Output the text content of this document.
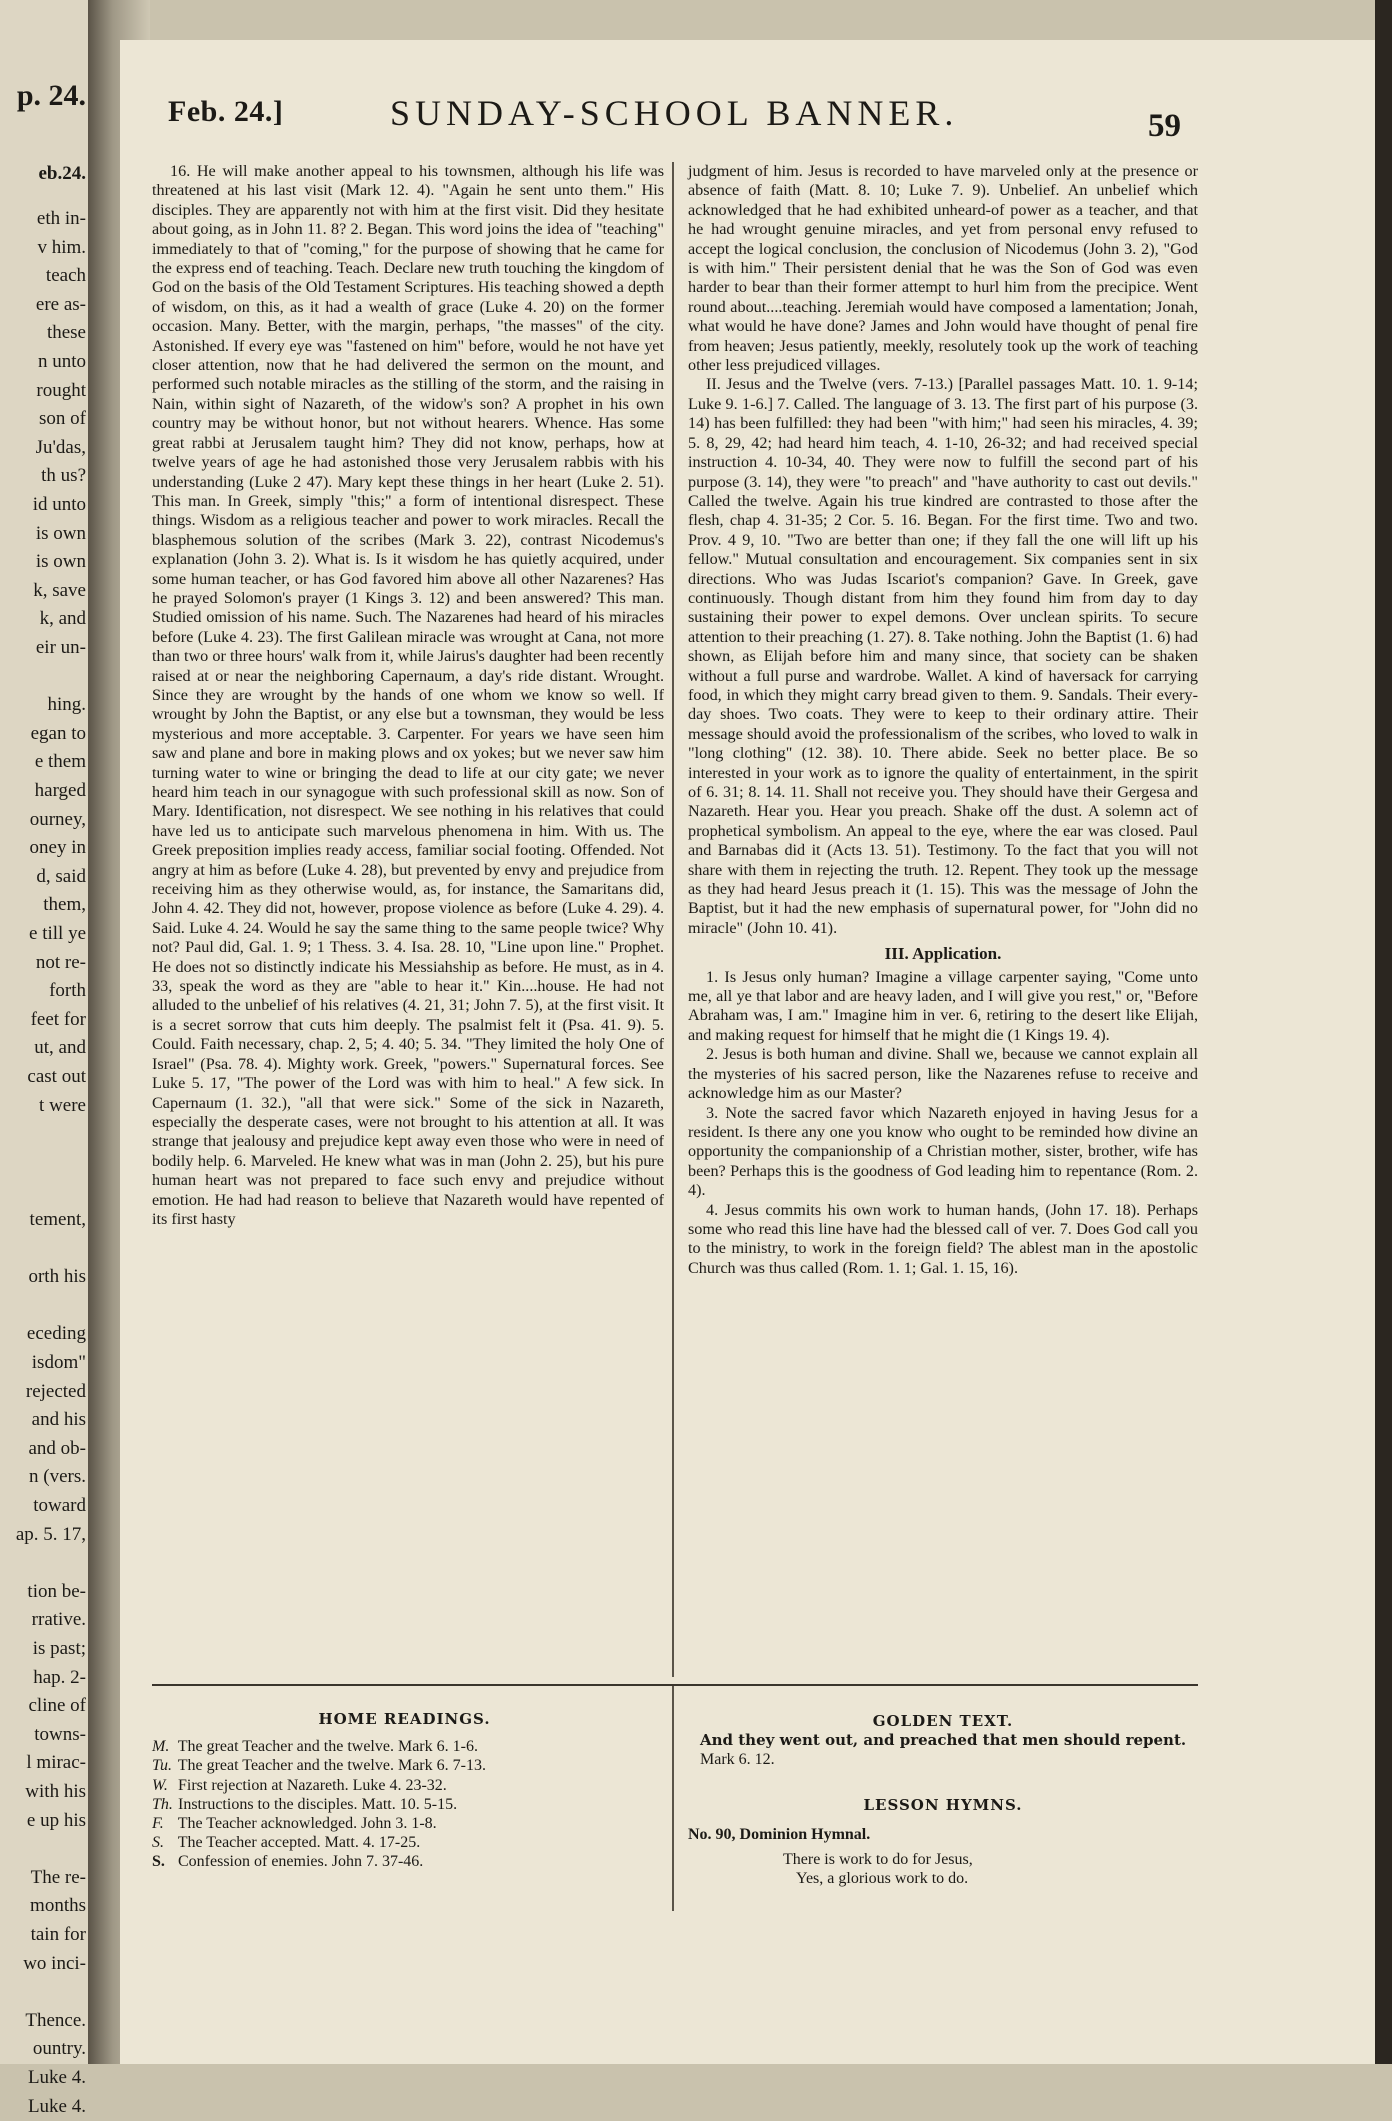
p. 24.
eb.24.
eth in-
v him.
teach
ere as-
these
n unto
rought
son of
Ju'das,
th us?
id unto
is own
is own
k, save
k, and
eir un-
hing.
egan to
e them
harged
ourney,
oney in
d, said
them,
e till ye
not re-
forth
feet for
ut, and
cast out
t were
tement,
orth his
eceding
isdom"
rejected
and his
and ob-
n (vers.
toward
ap. 5. 17,
tion be-
rrative.
is past;
hap. 2-
cline of
towns-
l mirac-
with his
e up his
The re-
months
tain for
wo inci-
Thence.
ountry.
Luke 4.
Luke 4.
Feb. 24.]	SUNDAY-SCHOOL BANNER.	59

16. He will make another appeal to his townsmen, although his life was threatened at his last visit (Mark 12. 4). "Again he sent unto them." His disciples. They are apparently not with him at the first visit. Did they hesitate about going, as in John 11. 8? 2. Began. This word joins the idea of "teaching" immediately to that of "coming," for the purpose of showing that he came for the express end of teaching. Teach. Declare new truth touching the kingdom of God on the basis of the Old Testament Scriptures. His teaching showed a depth of wisdom, on this, as it had a wealth of grace (Luke 4. 20) on the former occasion. Many. Better, with the margin, perhaps, "the masses" of the city. Astonished. If every eye was "fastened on him" before, would he not have yet closer attention, now that he had delivered the sermon on the mount, and performed such notable miracles as the stilling of the storm, and the raising in Nain, within sight of Nazareth, of the widow's son? A prophet in his own country may be without honor, but not without hearers. Whence. Has some great rabbi at Jerusalem taught him? They did not know, perhaps, how at twelve years of age he had astonished those very Jerusalem rabbis with his understanding (Luke 2 47). Mary kept these things in her heart (Luke 2. 51). This man. In Greek, simply "this;" a form of intentional disrespect. These things. Wisdom as a religious teacher and power to work miracles. Recall the blasphemous solution of the scribes (Mark 3. 22), contrast Nicodemus's explanation (John 3. 2). What is. Is it wisdom he has quietly acquired, under some human teacher, or has God favored him above all other Nazarenes? Has he prayed Solomon's prayer (1 Kings 3. 12) and been answered? This man. Studied omission of his name. Such. The Nazarenes had heard of his miracles before (Luke 4. 23). The first Galilean miracle was wrought at Cana, not more than two or three hours' walk from it, while Jairus's daughter had been recently raised at or near the neighboring Capernaum, a day's ride distant. Wrought. Since they are wrought by the hands of one whom we know so well. If wrought by John the Baptist, or any else but a townsman, they would be less mysterious and more acceptable. 3. Carpenter. For years we have seen him saw and plane and bore in making plows and ox yokes; but we never saw him turning water to wine or bringing the dead to life at our city gate; we never heard him teach in our synagogue with such professional skill as now. Son of Mary. Identification, not disrespect. We see nothing in his relatives that could have led us to anticipate such marvelous phenomena in him. With us. The Greek preposition implies ready access, familiar social footing. Offended. Not angry at him as before (Luke 4. 28), but prevented by envy and prejudice from receiving him as they otherwise would, as, for instance, the Samaritans did, John 4. 42. They did not, however, propose violence as before (Luke 4. 29). 4. Said. Luke 4. 24. Would he say the same thing to the same people twice? Why not? Paul did, Gal. 1. 9; 1 Thess. 3. 4. Isa. 28. 10, "Line upon line." Prophet. He does not so distinctly indicate his Messiahship as before. He must, as in 4. 33, speak the word as they are "able to hear it." Kin....house. He had not alluded to the unbelief of his relatives (4. 21, 31; John 7. 5), at the first visit. It is a secret sorrow that cuts him deeply. The psalmist felt it (Psa. 41. 9). 5. Could. Faith necessary, chap. 2, 5; 4. 40; 5. 34. "They limited the holy One of Israel" (Psa. 78. 4). Mighty work. Greek, "powers." Supernatural forces. See Luke 5. 17, "The power of the Lord was with him to heal." A few sick. In Capernaum (1. 32.), "all that were sick." Some of the sick in Nazareth, especially the desperate cases, were not brought to his attention at all. It was strange that jealousy and prejudice kept away even those who were in need of bodily help. 6. Marveled. He knew what was in man (John 2. 25), but his pure human heart was not prepared to face such envy and prejudice without emotion. He had had reason to believe that Nazareth would have repented of its first hasty

judgment of him. Jesus is recorded to have marveled only at the presence or absence of faith (Matt. 8. 10; Luke 7. 9). Unbelief. An unbelief which acknowledged that he had exhibited unheard-of power as a teacher, and that he had wrought genuine miracles, and yet from personal envy refused to accept the logical conclusion, the conclusion of Nicodemus (John 3. 2), "God is with him." Their persistent denial that he was the Son of God was even harder to bear than their former attempt to hurl him from the precipice. Went round about....teaching. Jeremiah would have composed a lamentation; Jonah, what would he have done? James and John would have thought of penal fire from heaven; Jesus patiently, meekly, resolutely took up the work of teaching other less prejudiced villages.

II. Jesus and the Twelve (vers. 7-13.) [Parallel passages Matt. 10. 1. 9-14; Luke 9. 1-6.] 7. Called. The language of 3. 13. The first part of his purpose (3. 14) has been fulfilled: they had been "with him;" had seen his miracles, 4. 39; 5. 8, 29, 42; had heard him teach, 4. 1-10, 26-32; and had received special instruction 4. 10-34, 40. They were now to fulfill the second part of his purpose (3. 14), they were "to preach" and "have authority to cast out devils." Called the twelve. Again his true kindred are contrasted to those after the flesh, chap 4. 31-35; 2 Cor. 5. 16. Began. For the first time. Two and two. Prov. 4 9, 10. "Two are better than one; if they fall the one will lift up his fellow." Mutual consultation and encouragement. Six companies sent in six directions. Who was Judas Iscariot's companion? Gave. In Greek, gave continuously. Though distant from him they found him from day to day sustaining their power to expel demons. Over unclean spirits. To secure attention to their preaching (1. 27). 8. Take nothing. John the Baptist (1. 6) had shown, as Elijah before him and many since, that society can be shaken without a full purse and wardrobe. Wallet. A kind of haversack for carrying food, in which they might carry bread given to them. 9. Sandals. Their every-day shoes. Two coats. They were to keep to their ordinary attire. Their message should avoid the professionalism of the scribes, who loved to walk in "long clothing" (12. 38). 10. There abide. Seek no better place. Be so interested in your work as to ignore the quality of entertainment, in the spirit of 6. 31; 8. 14. 11. Shall not receive you. They should have their Gergesa and Nazareth. Hear you. Hear you preach. Shake off the dust. A solemn act of prophetical symbolism. An appeal to the eye, where the ear was closed. Paul and Barnabas did it (Acts 13. 51). Testimony. To the fact that you will not share with them in rejecting the truth. 12. Repent. They took up the message as they had heard Jesus preach it (1. 15). This was the message of John the Baptist, but it had the new emphasis of supernatural power, for "John did no miracle" (John 10. 41).

III. Application.

1. Is Jesus only human? Imagine a village carpenter saying, "Come unto me, all ye that labor and are heavy laden, and I will give you rest," or, "Before Abraham was, I am." Imagine him in ver. 6, retiring to the desert like Elijah, and making request for himself that he might die (1 Kings 19. 4).

2. Jesus is both human and divine. Shall we, because we cannot explain all the mysteries of his sacred person, like the Nazarenes refuse to receive and acknowledge him as our Master?

3. Note the sacred favor which Nazareth enjoyed in having Jesus for a resident. Is there any one you know who ought to be reminded how divine an opportunity the companionship of a Christian mother, sister, brother, wife has been? Perhaps this is the goodness of God leading him to repentance (Rom. 2. 4).

4. Jesus commits his own work to human hands, (John 17. 18). Perhaps some who read this line have had the blessed call of ver. 7. Does God call you to the ministry, to work in the foreign field? The ablest man in the apostolic Church was thus called (Rom. 1. 1; Gal. 1. 15, 16).

HOME READINGS.
M. The great Teacher and the twelve. Mark 6. 1-6.
Tu. The great Teacher and the twelve. Mark 6. 7-13.
W. First rejection at Nazareth. Luke 4. 23-32.
Th. Instructions to the disciples. Matt. 10. 5-15.
F. The Teacher acknowledged. John 3. 1-8.
S. The Teacher accepted. Matt. 4. 17-25.
S. Confession of enemies. John 7. 37-46.
GOLDEN TEXT.
And they went out, and preached that men should repent. Mark 6. 12.
LESSON HYMNS.
No. 90, Dominion Hymnal.
There is work to do for Jesus,
Yes, a glorious work to do.
